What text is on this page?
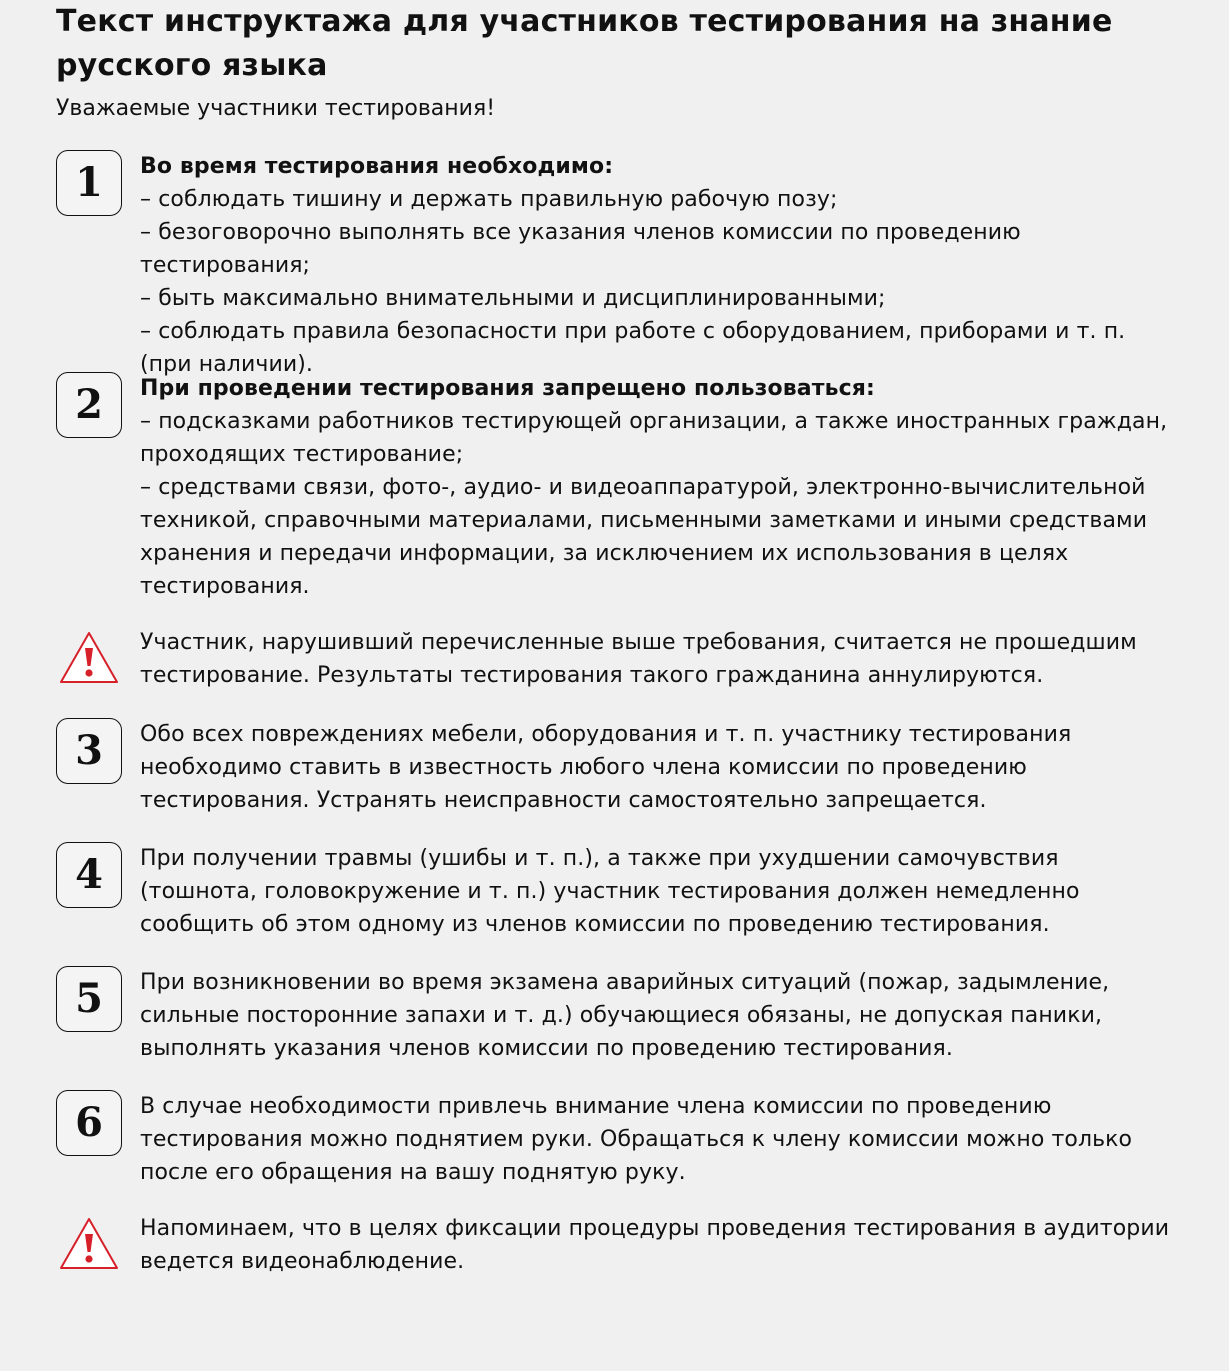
Текст инструктажа для участников тестирования на знание русского языка

Уважаемые участники тестирования!

1	Во время тестирования необходимо:
– соблюдать тишину и держать правильную рабочую позу;
– безоговорочно выполнять все указания членов комиссии по проведению тестирования;
– быть максимально внимательными и дисциплинированными;
– соблюдать правила безопасности при работе с оборудованием, приборами и т. п. (при наличии).
2	При проведении тестирования запрещено пользоваться:
– подсказками работников тестирующей организации, а также иностранных граждан, проходящих тестирование;
– средствами связи, фото-, аудио- и видеоаппаратурой, электронно-вычислительной техникой, справочными материалами, письменными заметками и иными средствами хранения и передачи информации, за исключением их использования в целях тестирования.
Участник, нарушивший перечисленные выше требования, считается не прошедшим тестирование. Результаты тестирования такого гражданина аннулируются.
3	Обо всех повреждениях мебели, оборудования и т. п. участнику тестирования необходимо ставить в известность любого члена комиссии по проведению тестирования. Устранять неисправности самостоятельно запрещается.
4	При получении травмы (ушибы и т. п.), а также при ухудшении самочувствия (тошнота, головокружение и т. п.) участник тестирования должен немедленно сообщить об этом одному из членов комиссии по проведению тестирования.
5	При возникновении во время экзамена аварийных ситуаций (пожар, задымление, сильные посторонние запахи и т. д.) обучающиеся обязаны, не допуская паники, выполнять указания членов комиссии по проведению тестирования.
6	В случае необходимости привлечь внимание члена комиссии по проведению тестирования можно поднятием руки. Обращаться к члену комиссии можно только после его обращения на вашу поднятую руку.
Напоминаем, что в целях фиксации процедуры проведения тестирования в аудитории ведется видеонаблюдение.
